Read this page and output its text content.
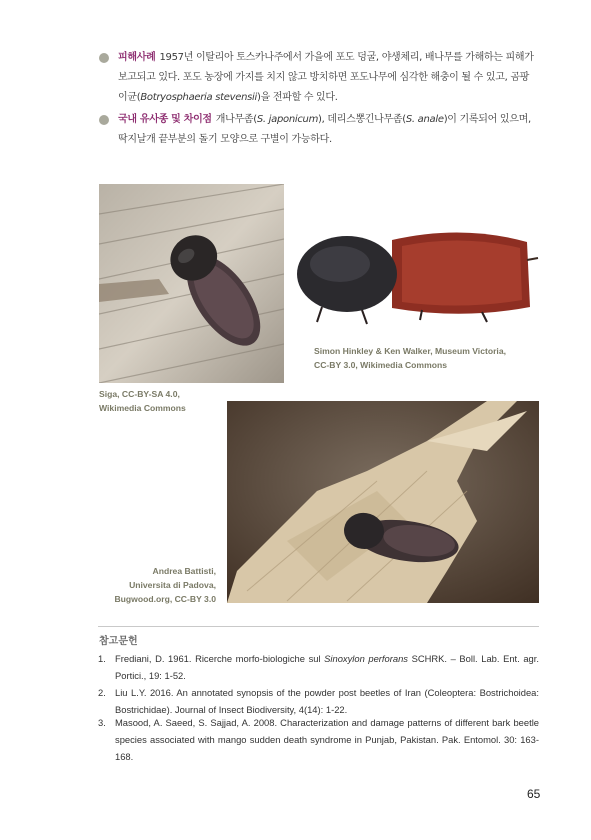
피해사례 1957년 이탈리아 토스카나주에서 가을에 포도 덩굴, 야생체리, 배나무를 가해하는 피해가
보고되고 있다. 포도 농장에 가지를 치지 않고 방치하면 포도나무에 심각한 해충이 될 수 있고, 곰팡
이균(Botryosphaeria stevensii)을 전파할 수 있다.
국내 유사종 및 차이점 개나무좀(S. japonicum), 데리스뽕긴나무좀(S. anale)이 기록되어 있으며,
딱지날개 끝부분의 돌기 모양으로 구별이 가능하다.
Simon Hinkley & Ken Walker, Museum Victoria,
CC-BY 3.0, Wikimedia Commons
Siga, CC-BY-SA 4.0,
Wikimedia Commons
Andrea Battisti,
Universita di Padova,
Bugwood.org, CC-BY 3.0
참고문헌
1. Frediani, D. 1961. Ricerche morfo-biologiche sul Sinoxylon perforans SCHRK. – Boll. Lab. Ent. agr. Portici., 19: 1-52.
2. Liu L.Y. 2016. An annotated synopsis of the powder post beetles of Iran (Coleoptera: Bostrichoidea: Bostrichidae). Journal of Insect Biodiversity, 4(14): 1-22.
3. Masood, A. Saeed, S. Sajjad, A. 2008. Characterization and damage patterns of different bark beetle species associated with mango sudden death syndrome in Punjab, Pakistan. Pak. Entomol. 30: 163-168.
65
